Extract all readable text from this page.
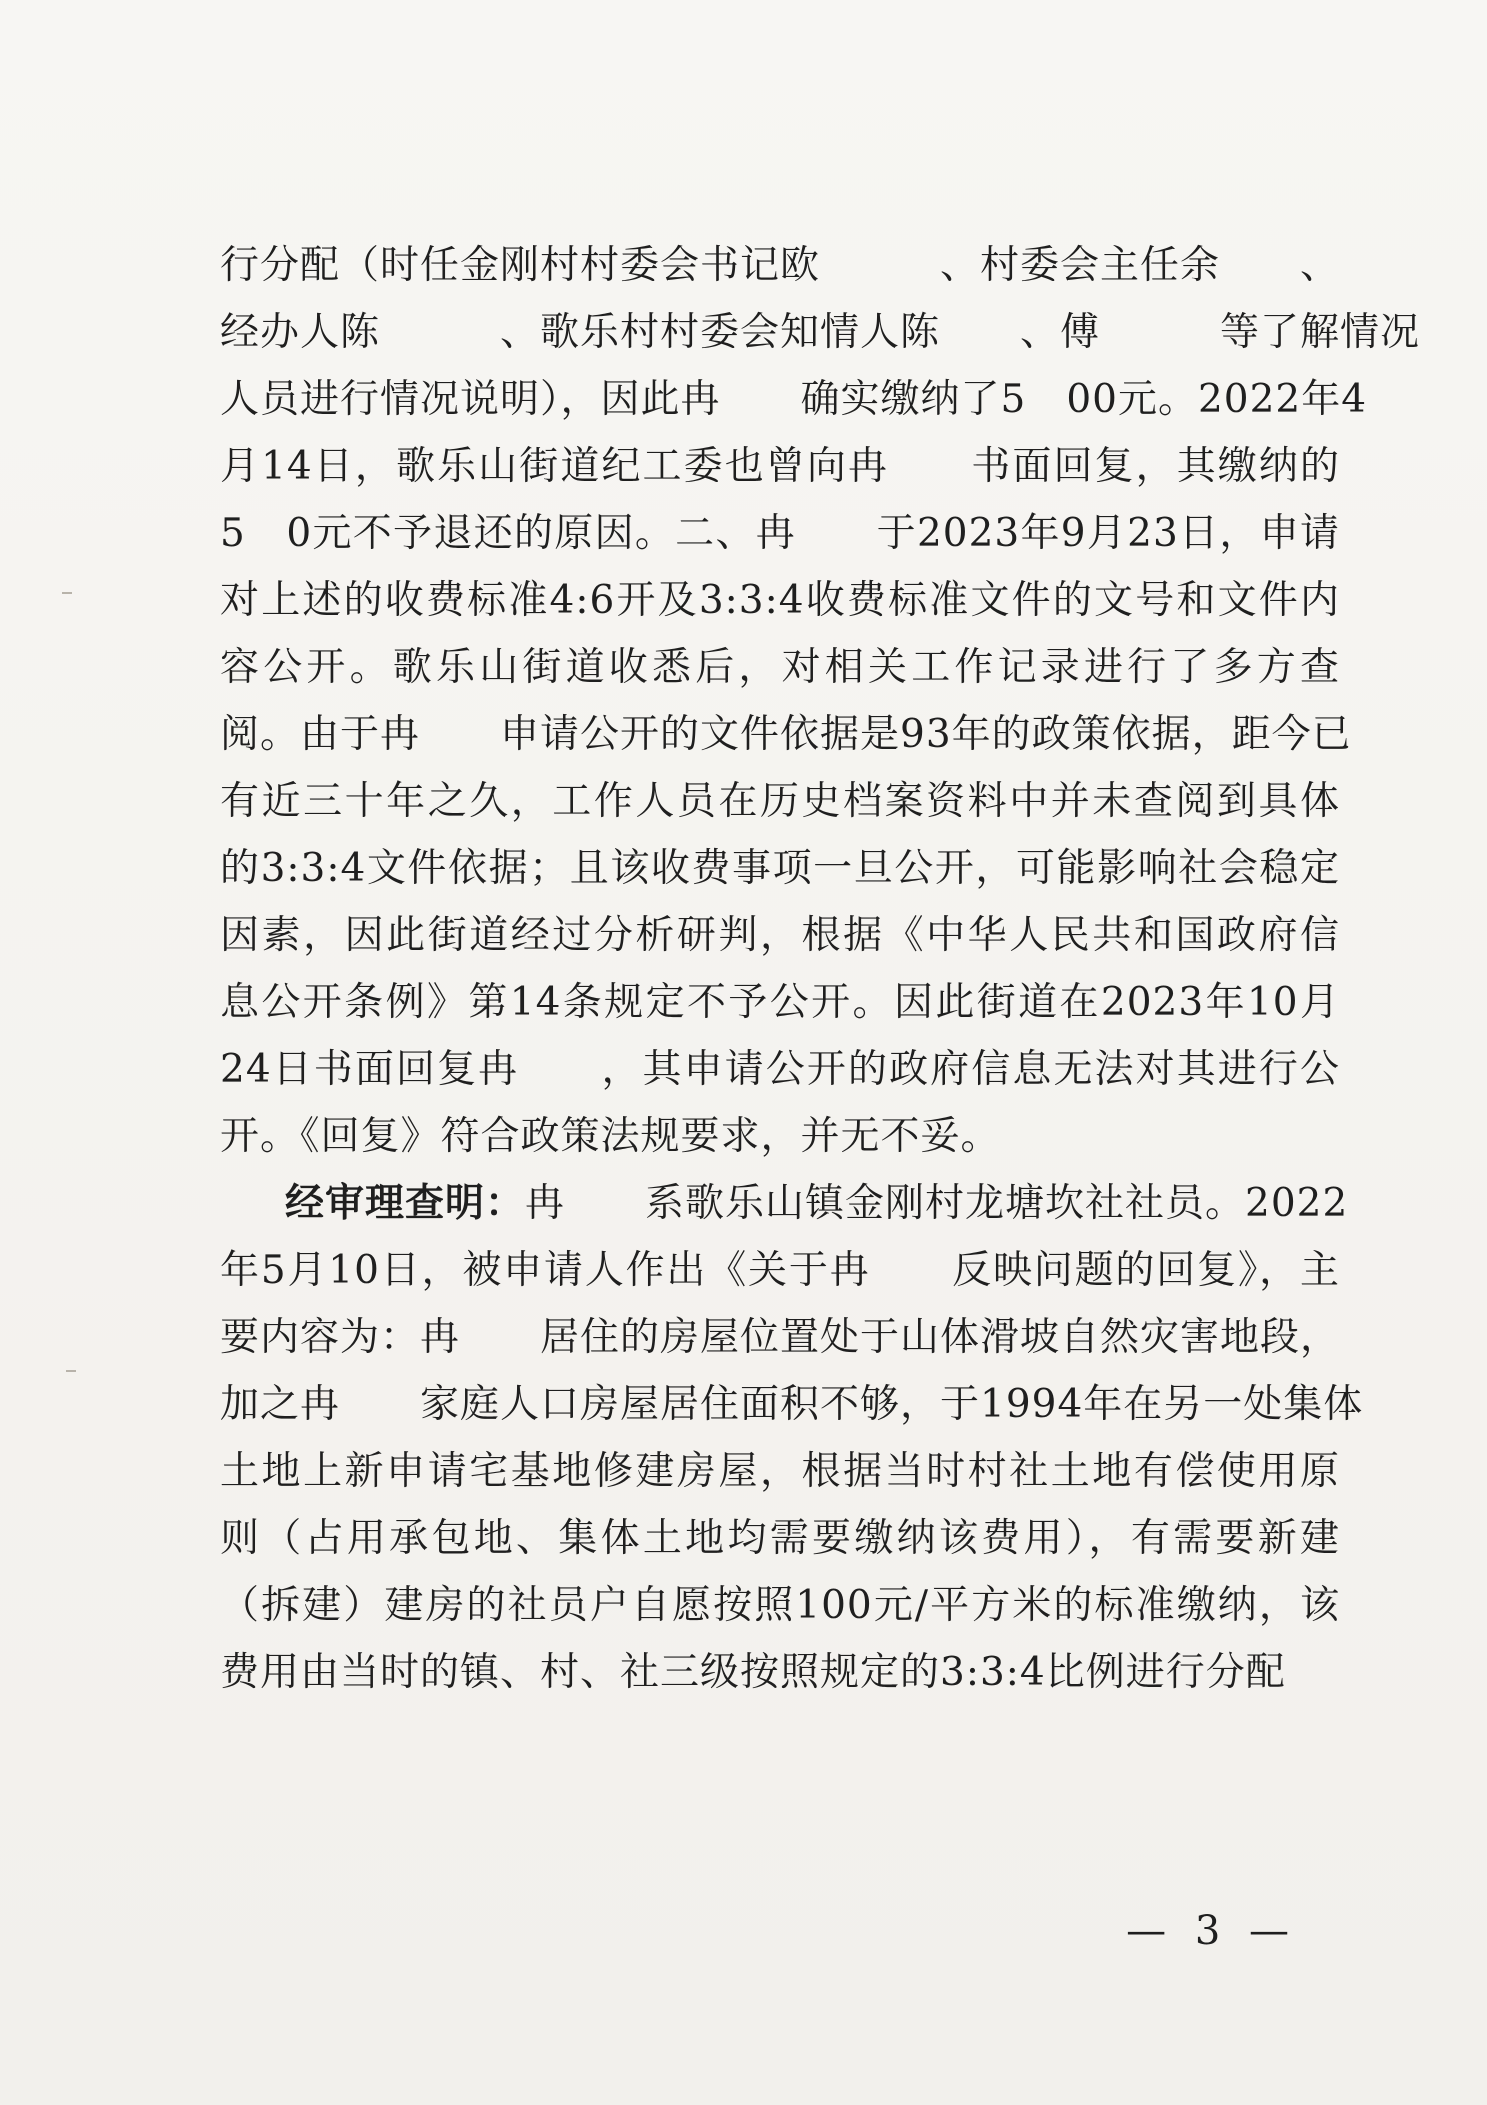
行分配（时任金刚村村委会书记欧　　　、村委会主任余　　、
经办人陈　　　、歌乐村村委会知情人陈　　、傅　　　等了解情况
人员进行情况说明），因此冉　　确实缴纳了5　00元。2022年4
月14日，歌乐山街道纪工委也曾向冉　　书面回复，其缴纳的
5　0元不予退还的原因。二、冉　　于2023年9月23日，申请
对上述的收费标准4:6开及3:3:4收费标准文件的文号和文件内
容公开。歌乐山街道收悉后，对相关工作记录进行了多方查
阅。由于冉　　申请公开的文件依据是93年的政策依据，距今已
有近三十年之久，工作人员在历史档案资料中并未查阅到具体
的3:3:4文件依据；且该收费事项一旦公开，可能影响社会稳定
因素，因此街道经过分析研判，根据《中华人民共和国政府信
息公开条例》第14条规定不予公开。因此街道在2023年10月
24日书面回复冉　　，其申请公开的政府信息无法对其进行公
开。《回复》符合政策法规要求，并无不妥。
经审理查明：冉　　系歌乐山镇金刚村龙塘坎社社员。2022
年5月10日，被申请人作出《关于冉　　反映问题的回复》，主
要内容为：冉　　居住的房屋位置处于山体滑坡自然灾害地段，
加之冉　　家庭人口房屋居住面积不够，于1994年在另一处集体
土地上新申请宅基地修建房屋，根据当时村社土地有偿使用原
则（占用承包地、集体土地均需要缴纳该费用），有需要新建
（拆建）建房的社员户自愿按照100元/平方米的标准缴纳，该
费用由当时的镇、村、社三级按照规定的3:3:4比例进行分配
— 3 —
